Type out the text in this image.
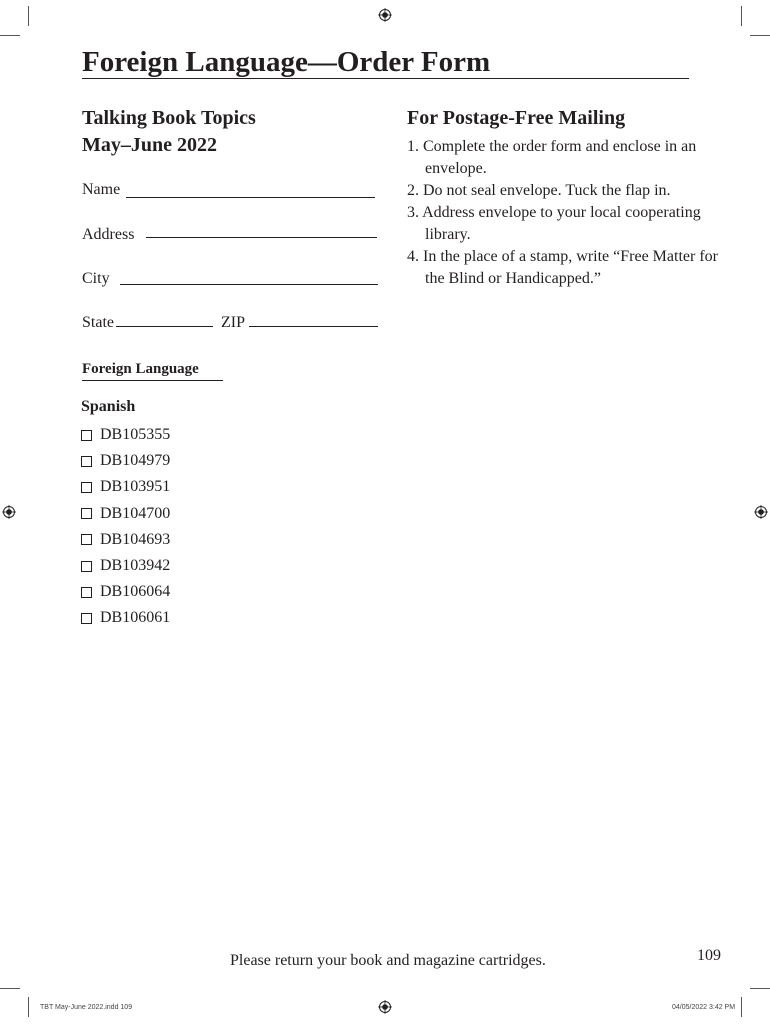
Foreign Language—Order Form
Talking Book Topics
May–June 2022
Name
Address
City
State	ZIP
For Postage-Free Mailing
1. Complete the order form and enclose in an envelope.
2. Do not seal envelope. Tuck the flap in.
3. Address envelope to your local cooperating library.
4. In the place of a stamp, write “Free Matter for the Blind or Handicapped.”
Foreign Language
Spanish
DB105355
DB104979
DB103951
DB104700
DB104693
DB103942
DB106064
DB106061
Please return your book and magazine cartridges.	109
TBT May-June 2022.indd 109	04/05/2022 3:42 PM
